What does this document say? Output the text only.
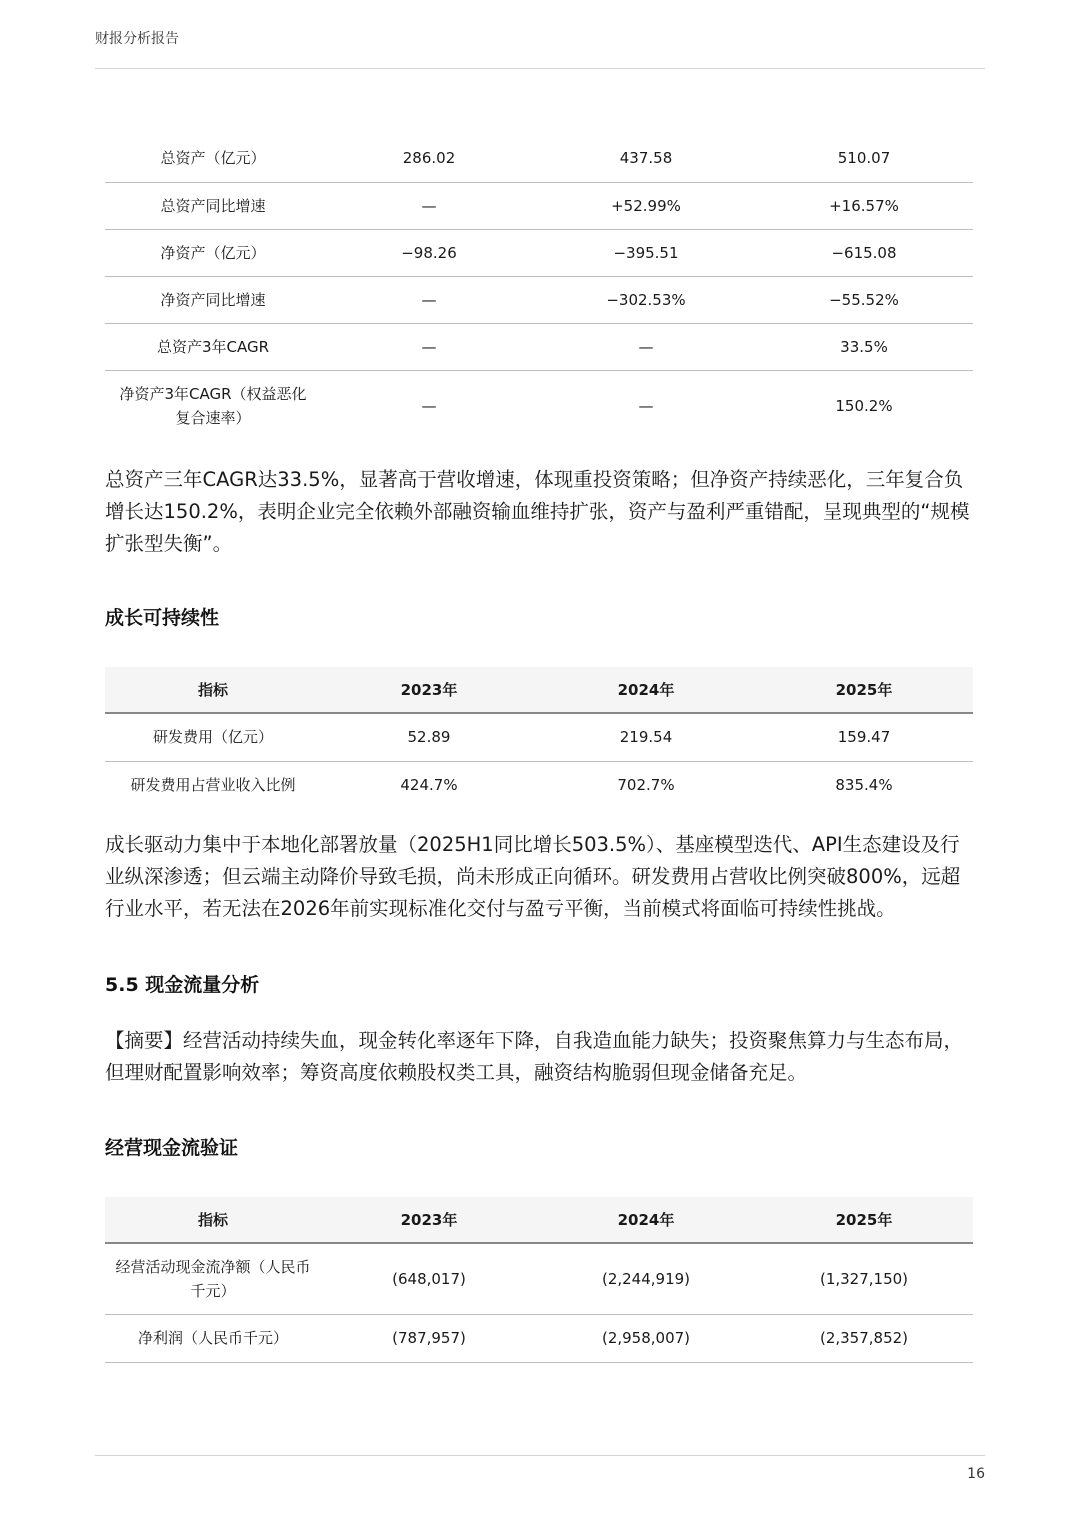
财报分析报告
总资产（亿元）	286.02	437.58	510.07
总资产同比增速	—	+52.99%	+16.57%
净资产（亿元）	−98.26	−395.51	−615.08
净资产同比增速	—	−302.53%	−55.52%
总资产3年CAGR	—	—	33.5%
净资产3年CAGR（权益恶化复合速率）	—	—	150.2%

总资产三年CAGR达33.5%，显著高于营收增速，体现重投资策略；但净资产持续恶化，三年复合负增长达150.2%，表明企业完全依赖外部融资输血维持扩张，资产与盈利严重错配，呈现典型的“规模扩张型失衡”。

成长可持续性
指标	2023年	2024年	2025年
研发费用（亿元）	52.89	219.54	159.47
研发费用占营业收入比例	424.7%	702.7%	835.4%

成长驱动力集中于本地化部署放量（2025H1同比增长503.5%）、基座模型迭代、API生态建设及行业纵深渗透；但云端主动降价导致毛损，尚未形成正向循环。研发费用占营收比例突破800%，远超行业水平，若无法在2026年前实现标准化交付与盈亏平衡，当前模式将面临可持续性挑战。

5.5 现金流量分析

【摘要】经营活动持续失血，现金转化率逐年下降，自我造血能力缺失；投资聚焦算力与生态布局，但理财配置影响效率；筹资高度依赖股权类工具，融资结构脆弱但现金储备充足。

经营现金流验证
指标	2023年	2024年	2025年
经营活动现金流净额（人民币千元）	(648,017)	(2,244,919)	(1,327,150)
净利润（人民币千元）	(787,957)	(2,958,007)	(2,357,852)
16
